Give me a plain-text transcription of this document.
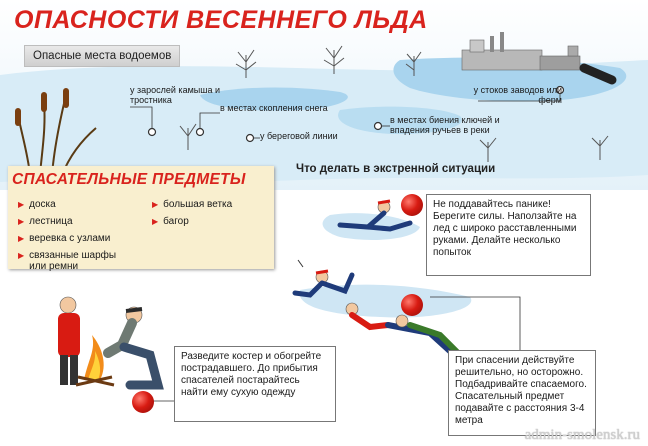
ОПАСНОСТИ ВЕСЕННЕГО ЛЬДА
Опасные места водоемов
у зарослей камыша и тростника
в местах скопления снега
у береговой линии
у стоков заводов или ферм
в местах биения ключей и впадения ручьев в реки
Что делать в экстренной ситуации
СПАСАТЕЛЬНЫЕ ПРЕДМЕТЫ
▶ доска
▶ лестница
▶ веревка с узлами
▶ связанные шарфы или ремни
▶ большая ветка
▶ багор
Не поддавайтесь панике! Берегите силы. Наползайте на лед с широко расставленными руками. Делайте несколько попыток
Разведите костер и обогрейте пострадавшего. До прибытия спасателей постарайтесь найти ему сухую одежду
При спасении действуйте решительно, но осторожно. Подбадривайте спасаемого. Спасательный предмет подавайте с расстояния 3-4 метра
admin-smolensk.ru
